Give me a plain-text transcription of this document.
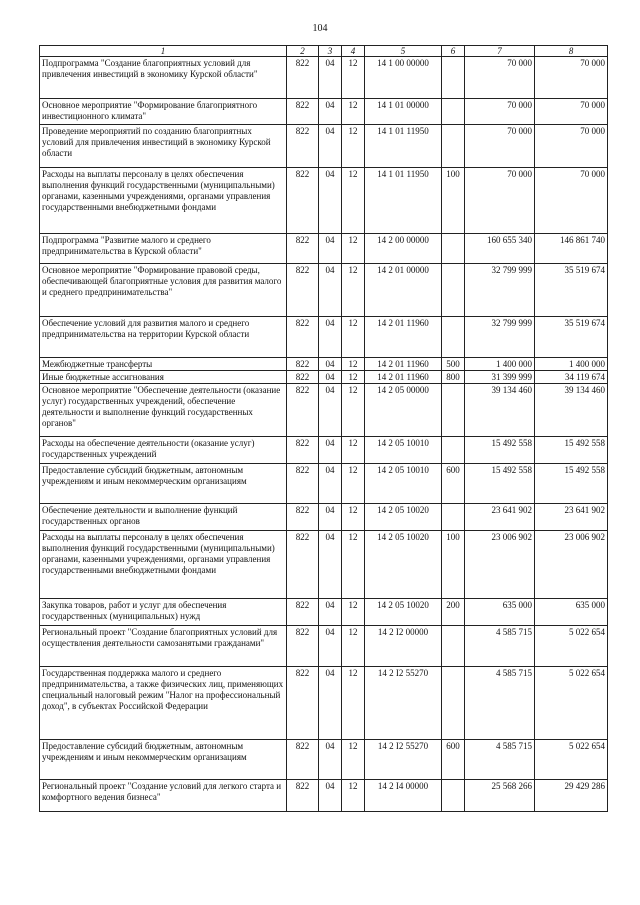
104
1	2	3	4	5	6	7	8
Подпрограмма "Создание благоприятных условий для привлечения инвестиций в экономику Курской области"	822	04	12	14 1 00 00000		70 000	70 000
Основное мероприятие "Формирование благоприятного инвестиционного климата"	822	04	12	14 1 01 00000		70 000	70 000
Проведение мероприятий по созданию благоприятных условий для привлечения инвестиций в экономику Курской области	822	04	12	14 1 01 11950		70 000	70 000
Расходы на выплаты персоналу в целях обеспечения выполнения функций государственными (муниципальными) органами, казенными учреждениями, органами управления государственными внебюджетными фондами	822	04	12	14 1 01 11950	100	70 000	70 000
Подпрограмма "Развитие малого и среднего предпринимательства в Курской области"	822	04	12	14 2 00 00000		160 655 340	146 861 740
Основное мероприятие "Формирование правовой среды, обеспечивающей благоприятные условия для развития малого и среднего предпринимательства"	822	04	12	14 2 01 00000		32 799 999	35 519 674
Обеспечение условий для развития малого и среднего предпринимательства на территории Курской области	822	04	12	14 2 01 11960		32 799 999	35 519 674
Межбюджетные трансферты	822	04	12	14 2 01 11960	500	1 400 000	1 400 000
Иные бюджетные ассигнования	822	04	12	14 2 01 11960	800	31 399 999	34 119 674
Основное мероприятие "Обеспечение деятельности (оказание услуг) государственных учреждений, обеспечение деятельности и выполнение функций государственных органов"	822	04	12	14 2 05 00000		39 134 460	39 134 460
Расходы на обеспечение деятельности (оказание услуг) государственных учреждений	822	04	12	14 2 05 10010		15 492 558	15 492 558
Предоставление субсидий бюджетным, автономным учреждениям и иным некоммерческим организациям	822	04	12	14 2 05 10010	600	15 492 558	15 492 558
Обеспечение деятельности и выполнение функций государственных органов	822	04	12	14 2 05 10020		23 641 902	23 641 902
Расходы на выплаты персоналу в целях обеспечения выполнения функций государственными (муниципальными) органами, казенными учреждениями, органами управления государственными внебюджетными фондами	822	04	12	14 2 05 10020	100	23 006 902	23 006 902
Закупка товаров, работ и услуг для обеспечения государственных (муниципальных) нужд	822	04	12	14 2 05 10020	200	635 000	635 000
Региональный проект "Создание благоприятных условий для осуществления деятельности самозанятыми гражданами"	822	04	12	14 2 I2 00000		4 585 715	5 022 654
Государственная поддержка малого и среднего предпринимательства, а также физических лиц, применяющих специальный налоговый режим "Налог на профессиональный доход", в субъектах Российской Федерации	822	04	12	14 2 I2 55270		4 585 715	5 022 654
Предоставление субсидий бюджетным, автономным учреждениям и иным некоммерческим организациям	822	04	12	14 2 I2 55270	600	4 585 715	5 022 654
Региональный проект "Создание условий для легкого старта и комфортного ведения бизнеса"	822	04	12	14 2 I4 00000		25 568 266	29 429 286
